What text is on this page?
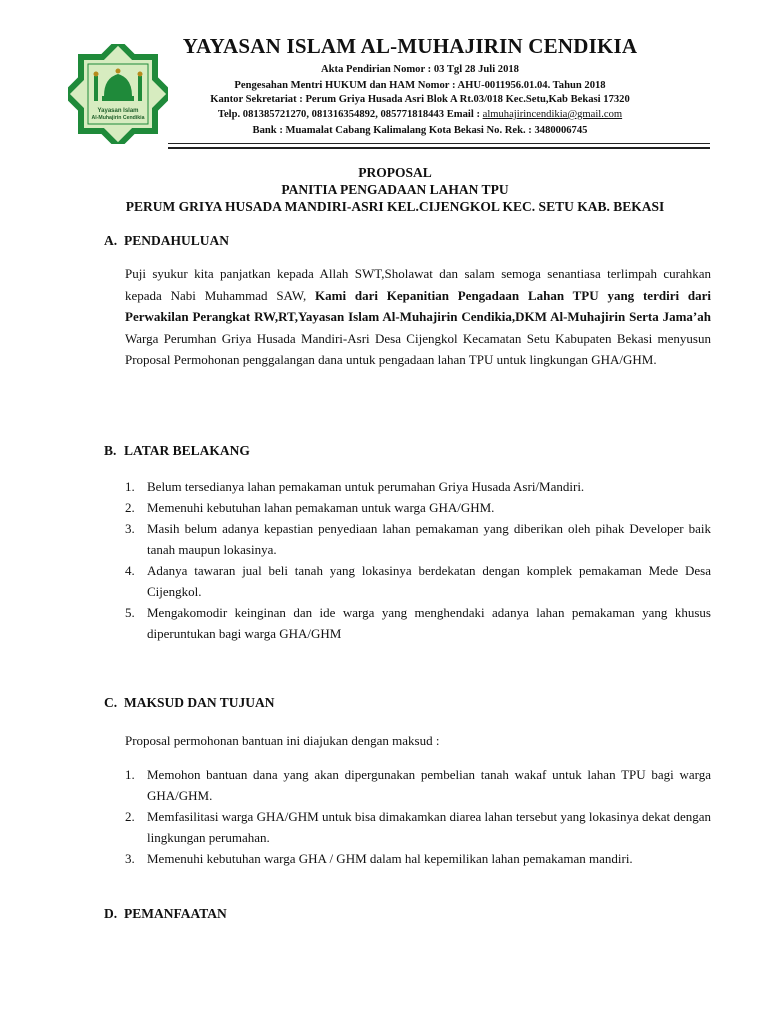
Yayasan Islam
Al-Muhajirin Cendikia
YAYASAN ISLAM AL-MUHAJIRIN CENDIKIA
Akta Pendirian Nomor : 03 Tgl 28 Juli 2018
Pengesahan Mentri HUKUM dan HAM Nomor : AHU-0011956.01.04. Tahun 2018
Kantor Sekretariat : Perum Griya Husada Asri Blok A Rt.03/018 Kec.Setu,Kab Bekasi 17320
Telp. 081385721270, 081316354892, 085771818443 Email : almuhajirincendikia@gmail.com
Bank : Muamalat Cabang Kalimalang Kota Bekasi No. Rek. : 3480006745
PROPOSAL
PANITIA PENGADAAN LAHAN TPU
PERUM GRIYA HUSADA MANDIRI-ASRI KEL.CIJENGKOL KEC. SETU KAB. BEKASI
A. PENDAHULUAN
Puji syukur kita panjatkan kepada Allah SWT,Sholawat dan salam semoga senantiasa terlimpah curahkan kepada Nabi Muhammad SAW, Kami dari Kepanitian Pengadaan Lahan TPU yang terdiri dari Perwakilan Perangkat RW,RT,Yayasan Islam Al-Muhajirin Cendikia,DKM Al-Muhajirin Serta Jama’ah Warga Perumhan Griya Husada Mandiri-Asri Desa Cijengkol Kecamatan Setu Kabupaten Bekasi menyusun Proposal Permohonan penggalangan dana untuk pengadaan lahan TPU untuk lingkungan GHA/GHM.
B. LATAR BELAKANG
1. Belum tersedianya lahan pemakaman untuk perumahan Griya Husada Asri/Mandiri.
2. Memenuhi kebutuhan lahan pemakaman untuk warga GHA/GHM.
3. Masih belum adanya kepastian penyediaan lahan pemakaman yang diberikan oleh pihak Developer baik tanah maupun lokasinya.
4. Adanya tawaran jual beli tanah yang lokasinya berdekatan dengan komplek pemakaman Mede Desa Cijengkol.
5. Mengakomodir keinginan dan ide warga yang menghendaki adanya lahan pemakaman yang khusus diperuntukan bagi warga GHA/GHM
C. MAKSUD DAN TUJUAN
Proposal permohonan bantuan ini diajukan dengan maksud :
1. Memohon bantuan dana yang akan dipergunakan pembelian tanah wakaf untuk lahan TPU bagi warga GHA/GHM.
2. Memfasilitasi warga GHA/GHM untuk bisa dimakamkan diarea lahan tersebut yang lokasinya dekat dengan lingkungan perumahan.
3. Memenuhi kebutuhan warga GHA / GHM dalam hal kepemilikan lahan pemakaman mandiri.
D. PEMANFAATAN
